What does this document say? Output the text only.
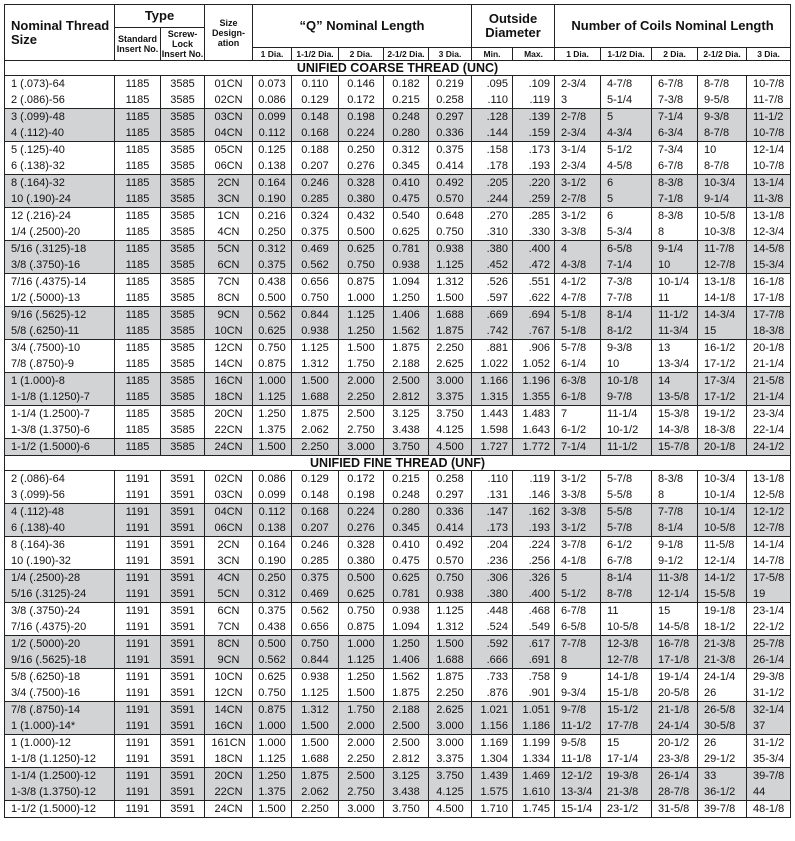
Nominal Thread Size	Type		Size Design-ation	“Q” Nominal Length					Outside Diameter		Number of Coils Nominal Length				
	Standard Insert No.	Screw-Lock Insert No.													
				1 Dia.	1-1/2 Dia.	2 Dia.	2-1/2 Dia.	3 Dia.	Min.	Max.	1 Dia.	1-1/2 Dia.	2 Dia.	2-1/2 Dia.	3 Dia.
UNIFIED COARSE THREAD (UNC)															
1 (.073)-64	1185	3585	01CN	0.073	0.110	0.146	0.182	0.219	.095	.109	2-3/4	4-7/8	6-7/8	8-7/8	10-7/8
2 (.086)-56	1185	3585	02CN	0.086	0.129	0.172	0.215	0.258	.110	.119	3	5-1/4	7-3/8	9-5/8	11-7/8
3 (.099)-48	1185	3585	03CN	0.099	0.148	0.198	0.248	0.297	.128	.139	2-7/8	5	7-1/4	9-3/8	11-1/2
4 (.112)-40	1185	3585	04CN	0.112	0.168	0.224	0.280	0.336	.144	.159	2-3/4	4-3/4	6-3/4	8-7/8	10-7/8
5 (.125)-40	1185	3585	05CN	0.125	0.188	0.250	0.312	0.375	.158	.173	3-1/4	5-1/2	7-3/4	10	12-1/4
6 (.138)-32	1185	3585	06CN	0.138	0.207	0.276	0.345	0.414	.178	.193	2-3/4	4-5/8	6-7/8	8-7/8	10-7/8
8 (.164)-32	1185	3585	2CN	0.164	0.246	0.328	0.410	0.492	.205	.220	3-1/2	6	8-3/8	10-3/4	13-1/4
10 (.190)-24	1185	3585	3CN	0.190	0.285	0.380	0.475	0.570	.244	.259	2-7/8	5	7-1/8	9-1/4	11-3/8
12 (.216)-24	1185	3585	1CN	0.216	0.324	0.432	0.540	0.648	.270	.285	3-1/2	6	8-3/8	10-5/8	13-1/8
1/4 (.2500)-20	1185	3585	4CN	0.250	0.375	0.500	0.625	0.750	.310	.330	3-3/8	5-3/4	8	10-3/8	12-3/4
5/16 (.3125)-18	1185	3585	5CN	0.312	0.469	0.625	0.781	0.938	.380	.400	4	6-5/8	9-1/4	11-7/8	14-5/8
3/8 (.3750)-16	1185	3585	6CN	0.375	0.562	0.750	0.938	1.125	.452	.472	4-3/8	7-1/4	10	12-7/8	15-3/4
7/16 (.4375)-14	1185	3585	7CN	0.438	0.656	0.875	1.094	1.312	.526	.551	4-1/2	7-3/8	10-1/4	13-1/8	16-1/8
1/2 (.5000)-13	1185	3585	8CN	0.500	0.750	1.000	1.250	1.500	.597	.622	4-7/8	7-7/8	11	14-1/8	17-1/8
9/16 (.5625)-12	1185	3585	9CN	0.562	0.844	1.125	1.406	1.688	.669	.694	5-1/8	8-1/4	11-1/2	14-3/4	17-7/8
5/8 (.6250)-11	1185	3585	10CN	0.625	0.938	1.250	1.562	1.875	.742	.767	5-1/8	8-1/2	11-3/4	15	18-3/8
3/4 (.7500)-10	1185	3585	12CN	0.750	1.125	1.500	1.875	2.250	.881	.906	5-7/8	9-3/8	13	16-1/2	20-1/8
7/8 (.8750)-9	1185	3585	14CN	0.875	1.312	1.750	2.188	2.625	1.022	1.052	6-1/4	10	13-3/4	17-1/2	21-1/4
1 (1.000)-8	1185	3585	16CN	1.000	1.500	2.000	2.500	3.000	1.166	1.196	6-3/8	10-1/8	14	17-3/4	21-5/8
1-1/8 (1.1250)-7	1185	3585	18CN	1.125	1.688	2.250	2.812	3.375	1.315	1.355	6-1/8	9-7/8	13-5/8	17-1/2	21-1/4
1-1/4 (1.2500)-7	1185	3585	20CN	1.250	1.875	2.500	3.125	3.750	1.443	1.483	7	11-1/4	15-3/8	19-1/2	23-3/4
1-3/8 (1.3750)-6	1185	3585	22CN	1.375	2.062	2.750	3.438	4.125	1.598	1.643	6-1/2	10-1/2	14-3/8	18-3/8	22-1/4
1-1/2 (1.5000)-6	1185	3585	24CN	1.500	2.250	3.000	3.750	4.500	1.727	1.772	7-1/4	11-1/2	15-7/8	20-1/8	24-1/2
UNIFIED FINE THREAD (UNF)															
2 (.086)-64	1191	3591	02CN	0.086	0.129	0.172	0.215	0.258	.110	.119	3-1/2	5-7/8	8-3/8	10-3/4	13-1/8
3 (.099)-56	1191	3591	03CN	0.099	0.148	0.198	0.248	0.297	.131	.146	3-3/8	5-5/8	8	10-1/4	12-5/8
4 (.112)-48	1191	3591	04CN	0.112	0.168	0.224	0.280	0.336	.147	.162	3-3/8	5-5/8	7-7/8	10-1/4	12-1/2
6 (.138)-40	1191	3591	06CN	0.138	0.207	0.276	0.345	0.414	.173	.193	3-1/2	5-7/8	8-1/4	10-5/8	12-7/8
8 (.164)-36	1191	3591	2CN	0.164	0.246	0.328	0.410	0.492	.204	.224	3-7/8	6-1/2	9-1/8	11-5/8	14-1/4
10 (.190)-32	1191	3591	3CN	0.190	0.285	0.380	0.475	0.570	.236	.256	4-1/8	6-7/8	9-1/2	12-1/4	14-7/8
1/4 (.2500)-28	1191	3591	4CN	0.250	0.375	0.500	0.625	0.750	.306	.326	5	8-1/4	11-3/8	14-1/2	17-5/8
5/16 (.3125)-24	1191	3591	5CN	0.312	0.469	0.625	0.781	0.938	.380	.400	5-1/2	8-7/8	12-1/4	15-5/8	19
3/8 (.3750)-24	1191	3591	6CN	0.375	0.562	0.750	0.938	1.125	.448	.468	6-7/8	11	15	19-1/8	23-1/4
7/16 (.4375)-20	1191	3591	7CN	0.438	0.656	0.875	1.094	1.312	.524	.549	6-5/8	10-5/8	14-5/8	18-1/2	22-1/2
1/2 (.5000)-20	1191	3591	8CN	0.500	0.750	1.000	1.250	1.500	.592	.617	7-7/8	12-3/8	16-7/8	21-3/8	25-7/8
9/16 (.5625)-18	1191	3591	9CN	0.562	0.844	1.125	1.406	1.688	.666	.691	8	12-7/8	17-1/8	21-3/8	26-1/4
5/8 (.6250)-18	1191	3591	10CN	0.625	0.938	1.250	1.562	1.875	.733	.758	9	14-1/8	19-1/4	24-1/4	29-3/8
3/4 (.7500)-16	1191	3591	12CN	0.750	1.125	1.500	1.875	2.250	.876	.901	9-3/4	15-1/8	20-5/8	26	31-1/2
7/8 (.8750)-14	1191	3591	14CN	0.875	1.312	1.750	2.188	2.625	1.021	1.051	9-7/8	15-1/2	21-1/8	26-5/8	32-1/4
1 (1.000)-14*	1191	3591	16CN	1.000	1.500	2.000	2.500	3.000	1.156	1.186	11-1/2	17-7/8	24-1/4	30-5/8	37
1 (1.000)-12	1191	3591	161CN	1.000	1.500	2.000	2.500	3.000	1.169	1.199	9-5/8	15	20-1/2	26	31-1/2
1-1/8 (1.1250)-12	1191	3591	18CN	1.125	1.688	2.250	2.812	3.375	1.304	1.334	11-1/8	17-1/4	23-3/8	29-1/2	35-3/4
1-1/4 (1.2500)-12	1191	3591	20CN	1.250	1.875	2.500	3.125	3.750	1.439	1.469	12-1/2	19-3/8	26-1/4	33	39-7/8
1-3/8 (1.3750)-12	1191	3591	22CN	1.375	2.062	2.750	3.438	4.125	1.575	1.610	13-3/4	21-3/8	28-7/8	36-1/2	44
1-1/2 (1.5000)-12	1191	3591	24CN	1.500	2.250	3.000	3.750	4.500	1.710	1.745	15-1/4	23-1/2	31-5/8	39-7/8	48-1/8
